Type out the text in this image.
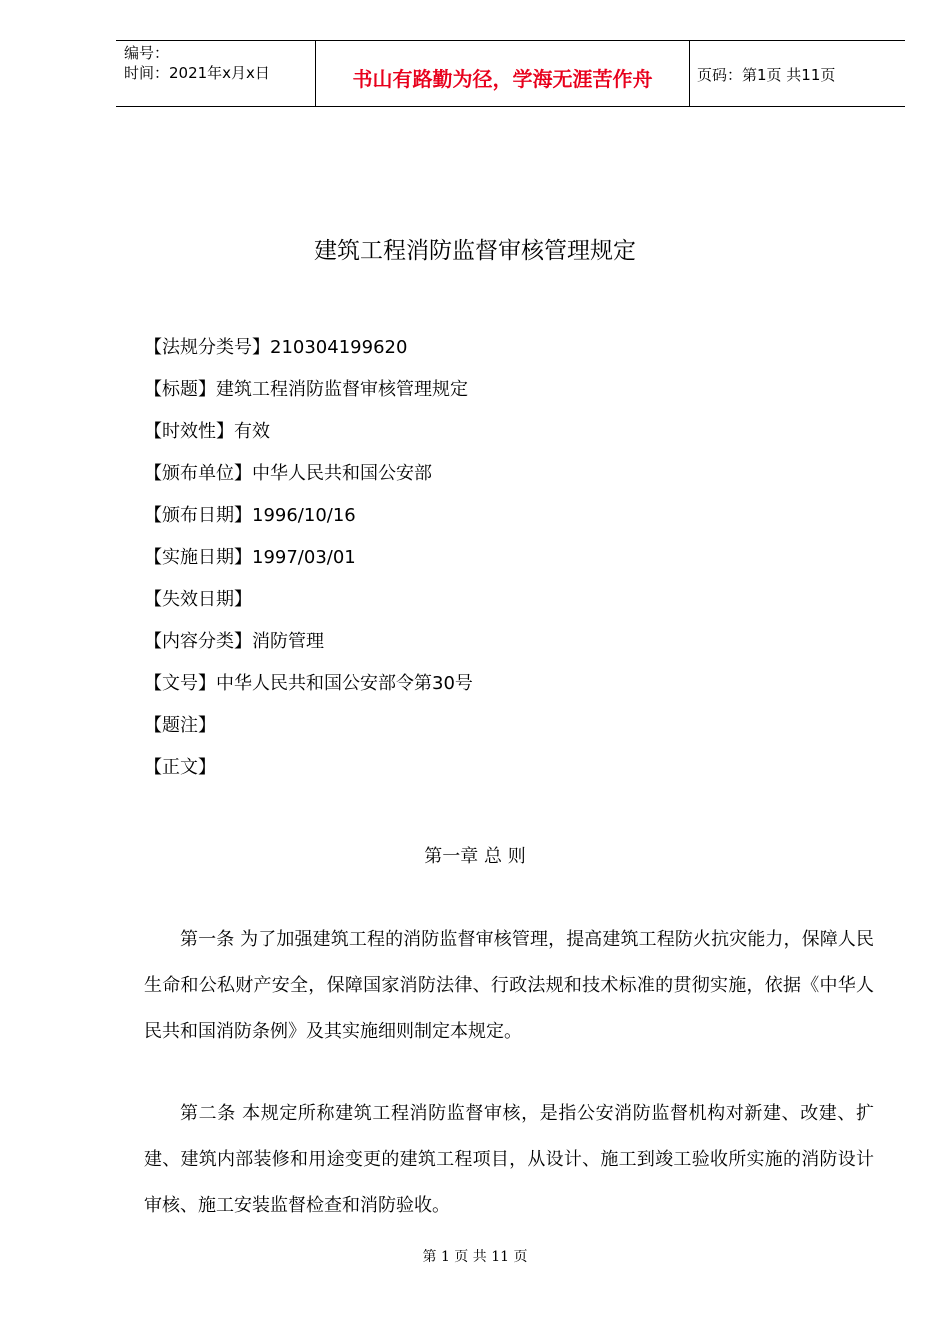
编号：
时间：2021年x月x日	书山有路勤为径，学海无涯苦作舟	页码：第1页 共11页
建筑工程消防监督审核管理规定
【法规分类号】210304199620
【标题】建筑工程消防监督审核管理规定
【时效性】有效
【颁布单位】中华人民共和国公安部
【颁布日期】1996/10/16
【实施日期】1997/03/01
【失效日期】
【内容分类】消防管理
【文号】中华人民共和国公安部令第30号
【题注】
【正文】
第一章 总 则

第一条 为了加强建筑工程的消防监督审核管理，提高建筑工程防火抗灾能力，保障人民生命和公私财产安全，保障国家消防法律、行政法规和技术标准的贯彻实施，依据《中华人民共和国消防条例》及其实施细则制定本规定。

第二条 本规定所称建筑工程消防监督审核，是指公安消防监督机构对新建、改建、扩建、建筑内部装修和用途变更的建筑工程项目，从设计、施工到竣工验收所实施的消防设计审核、施工安装监督检查和消防验收。

第 1 页 共 11 页
